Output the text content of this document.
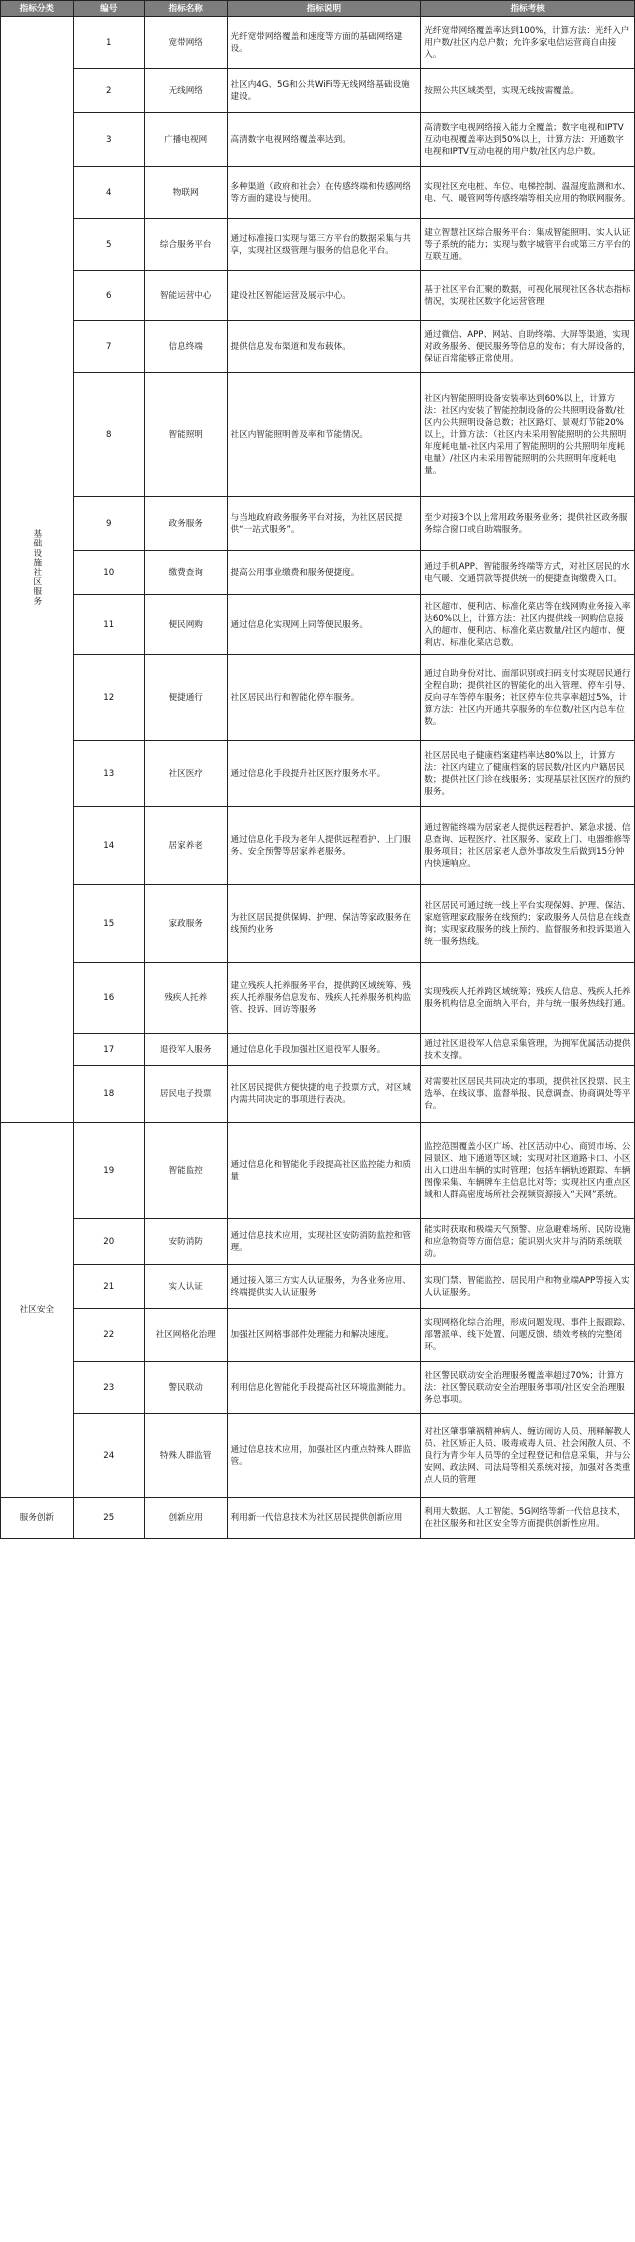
指标分类	编号	指标名称	指标说明	指标考核
基础设施社区服务	1	宽带网络	光纤宽带网络覆盖和速度等方面的基础网络建设。	光纤宽带网络覆盖率达到100%，计算方法：光纤入户用户数/社区内总户数；允许多家电信运营商自由接入。
	2	无线网络	社区内4G、5G和公共WiFi等无线网络基础设施建设。	按照公共区域类型，实现无线按需覆盖。
	3	广播电视网	高清数字电视网络覆盖率达到。	高清数字电视网络接入能力全覆盖；数字电视和IPTV互动电视覆盖率达到50%以上，计算方法：开通数字电视和IPTV互动电视的用户数/社区内总户数。
	4	物联网	多种渠道（政府和社会）在传感终端和传感网络等方面的建设与使用。	实现社区充电桩、车位、电梯控制、温湿度监测和水、电、气、暖管网等传感终端等相关应用的物联网服务。
	5	综合服务平台	通过标准接口实现与第三方平台的数据采集与共享，实现社区级管理与服务的信息化平台。	建立智慧社区综合服务平台：集成智能照明、实人认证等子系统的能力；实现与数字城管平台或第三方平台的互联互通。
	6	智能运营中心	建设社区智能运营及展示中心。	基于社区平台汇聚的数据，可视化展现社区各状态指标情况，实现社区数字化运营管理
	7	信息终端	提供信息发布渠道和发布载体。	通过微信、APP、网站、自助终端、大屏等渠道，实现对政务服务、便民服务等信息的发布；有大屏设备的，保证百常能够正常使用。
	8	智能照明	社区内智能照明普及率和节能情况。	社区内智能照明设备安装率达到60%以上，计算方法：社区内安装了智能控制设备的公共照明设备数/社区内公共照明设备总数；社区路灯、景观灯节能20%以上，计算方法：（社区内未采用智能照明的公共照明年度耗电量-社区内采用了智能照明的公共照明年度耗电量）/社区内未采用智能照明的公共照明年度耗电量。
	9	政务服务	与当地政府政务服务平台对接，为社区居民提供“一站式服务”。	至少对接3个以上常用政务服务业务；提供社区政务服务综合窗口或自助端服务。
	10	缴费查询	提高公用事业缴费和服务便捷度。	通过手机APP、智能服务终端等方式，对社区居民的水电气暖、交通罚款等提供统一的便捷查询缴费入口。
	11	便民网购	通过信息化实现网上同等便民服务。	社区超市、便利店、标准化菜店等在线网购业务接入率达60%以上，计算方法：社区内提供线一网购信息接入的超市、便利店、标准化菜店数量/社区内超市、便利店、标准化菜店总数。
	12	便捷通行	社区居民出行和智能化停车服务。	通过自助身份对比、面部识别或扫码支付实现居民通行全程自助；提供社区的智能化的出入管理、停车引导、反向寻车等停车服务；社区停车位共享率超过5%，计算方法：社区内开通共享服务的车位数/社区内总车位数。
	13	社区医疗	通过信息化手段提升社区医疗服务水平。	社区居民电子健康档案建档率达80%以上，计算方法：社区内建立了健康档案的居民数/社区内户籍居民数；提供社区门诊在线服务；实现基层社区医疗的预约服务。
	14	居家养老	通过信息化手段为老年人提供远程看护、上门服务、安全预警等居家养老服务。	通过智能终端为居家老人提供远程看护、紧急求援、信息查询、远程医疗、社区服务、家政上门、电器维修等服务项目；社区居家老人意外事故发生后做到15分钟内快速响应。
	15	家政服务	为社区居民提供保姆、护理、保洁等家政服务在线预约业务	社区居民可通过统一线上平台实现保姆、护理、保洁、家庭管理家政服务在线预约；家政服务人员信息在线查询；实现家政服务的线上预约、监督服务和投诉渠道入统一服务热线。
	16	残疾人托养	建立残疾人托养服务平台，提供跨区域统筹、残疾人托养服务信息发布、残疾人托养服务机构监管、投诉、回访等服务	实现残疾人托养跨区域统筹；残疾人信息、残疾人托养服务机构信息全面纳入平台，并与统一服务热线打通。
	17	退役军人服务	通过信息化手段加强社区退役军人服务。	通过社区退役军人信息采集管理，为拥军优属活动提供技术支撑。
	18	居民电子投票	社区居民提供方便快捷的电子投票方式，对区域内需共同决定的事项进行表决。	对需要社区居民共同决定的事项，提供社区投票、民主选举、在线议事、监督举报、民意调查、协商调处等平台。
社区安全	19	智能监控	通过信息化和智能化手段提高社区监控能力和质量	监控范围覆盖小区广场、社区活动中心、商贸市场、公园景区、地下通道等区域；实现对社区道路卡口、小区出入口进出车辆的实时管理；包括车辆轨迹跟踪、车辆图像采集、车辆牌车主信息比对等；实现社区内重点区域和人群高密度场所社会视频资源接入“天网”系统。
	20	安防消防	通过信息技术应用，实现社区安防消防监控和管理。	能实时获取和极端天气预警、应急避难场所、民防设施和应急物资等方面信息；能识别火灾并与消防系统联动。
	21	实人认证	通过接入第三方实人认证服务，为各业务应用、终端提供实人认证服务	实现门禁、智能监控、居民用户和物业端APP等接入实人认证服务。
	22	社区网格化治理	加强社区网格事部件处理能力和解决速度。	实现网格化综合治理，形成问题发现、事件上报跟踪、部署派单、线下处置、问题反馈、绩效考核的完整闭环。
	23	警民联动	利用信息化智能化手段提高社区环境监测能力。	社区警民联动安全治理服务覆盖率超过70%；计算方法：社区警民联动安全治理服务事项/社区安全治理服务总事项。
	24	特殊人群监管	通过信息技术应用，加强社区内重点特殊人群监管。	对社区肇事肇祸精神病人、缠访闹访人员、刑释解教人员、社区矫正人员、吸毒戒毒人员、社会闲散人员、不良行为青少年人员等的全过程登记和信息采集，并与公安网、政法网、司法局等相关系统对接，加强对各类重点人员的管理
服务创新	25	创新应用	利用新一代信息技术为社区居民提供创新应用	利用大数据、人工智能、5G网络等新一代信息技术，在社区服务和社区安全等方面提供创新性应用。
